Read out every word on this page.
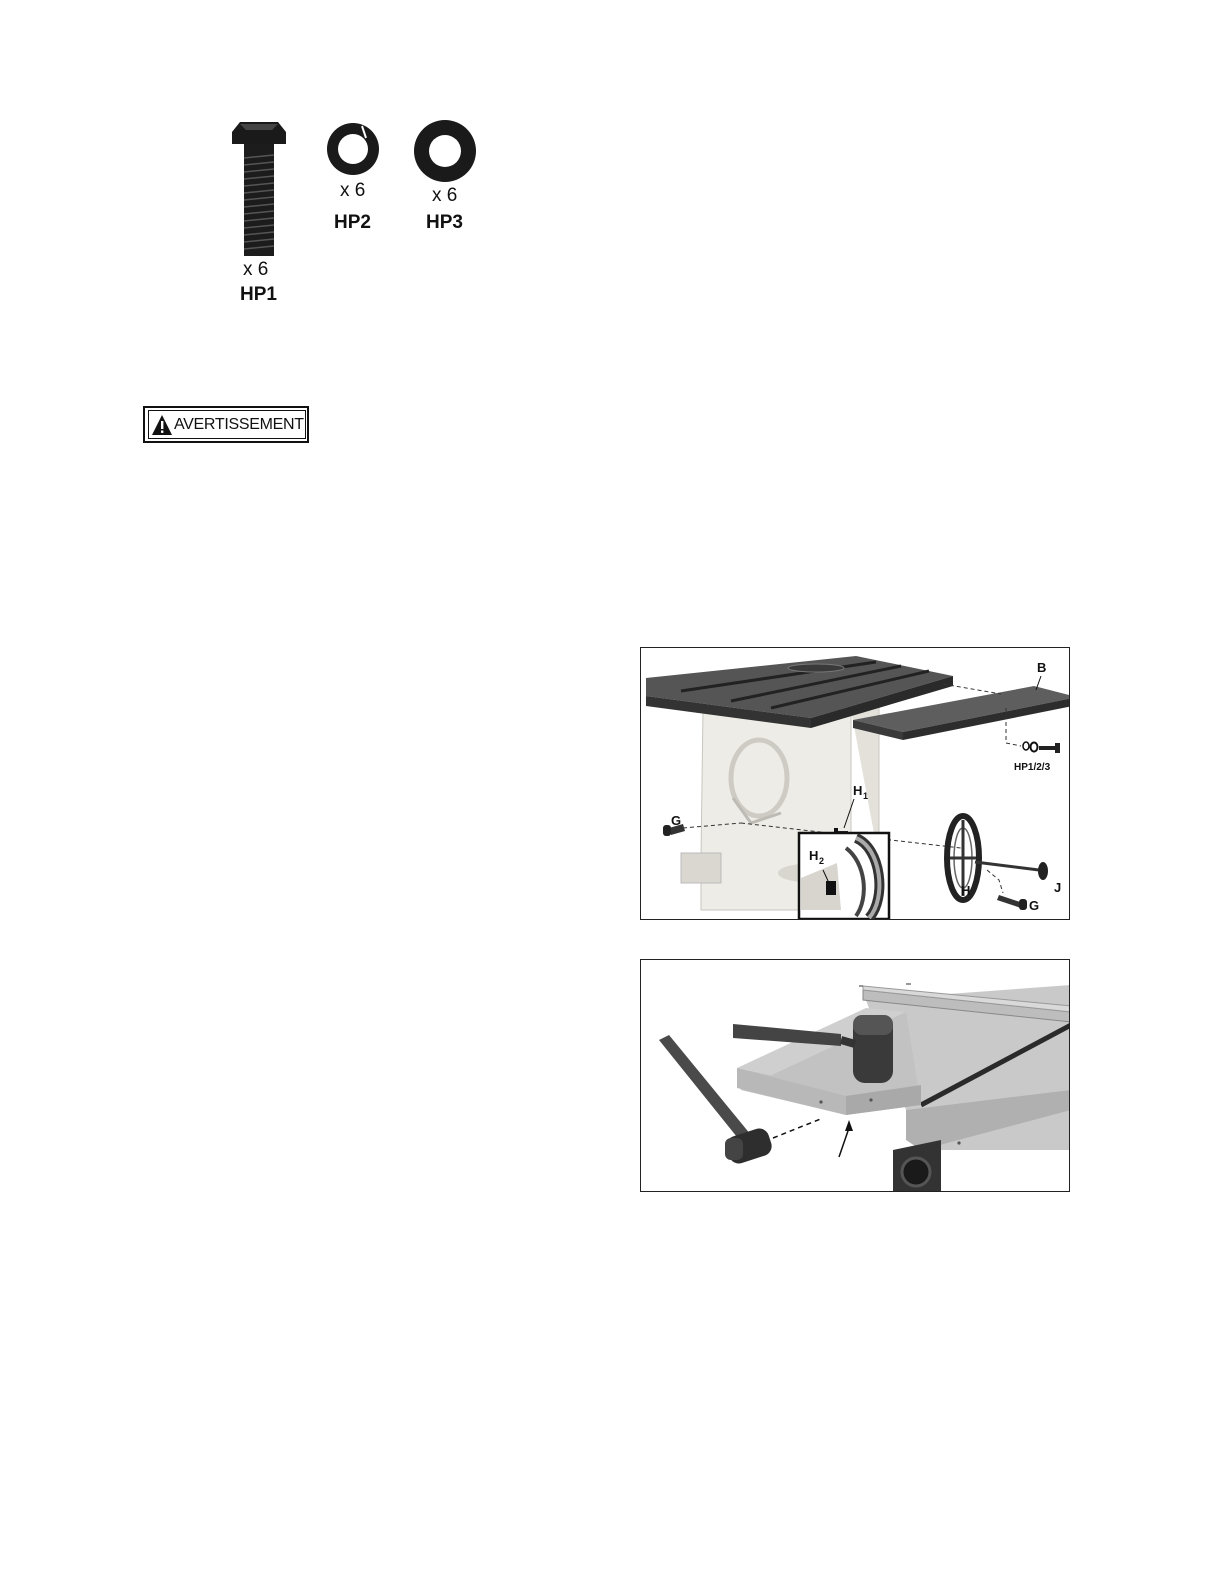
x 6
HP1
x 6
HP2
x 6
HP3
AVERTISSEMENT
B
HP1/2/3
H 1
G
H 2
H	J
G
